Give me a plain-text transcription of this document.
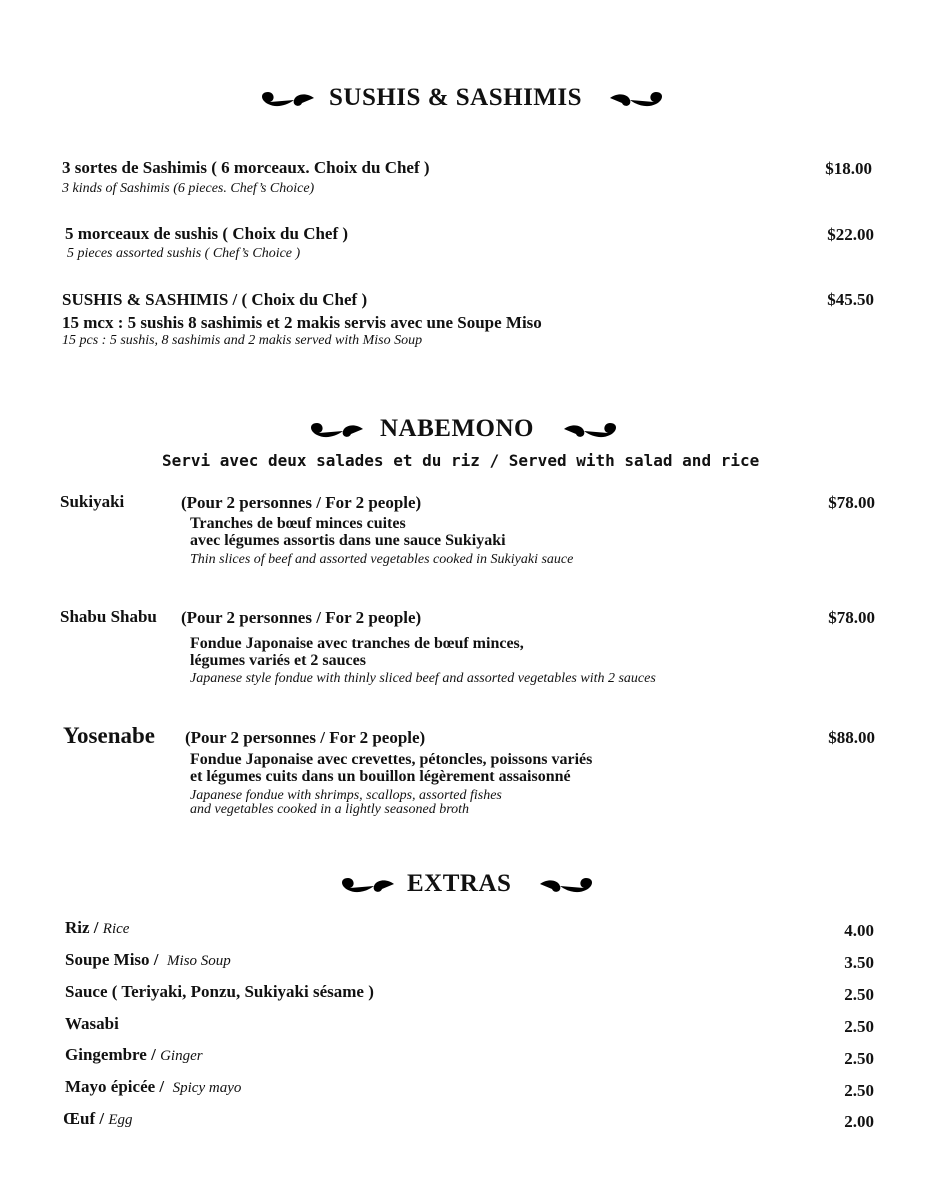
SUSHIS & SASHIMIS
3 sortes de Sashimis ( 6 morceaux. Choix du Chef )
3 kinds of Sashimis (6 pieces. Chef’s Choice)
$18.00
5 morceaux de sushis ( Choix du Chef )
5 pieces assorted sushis ( Chef’s Choice )
$22.00
SUSHIS & SASHIMIS / ( Choix du Chef )
15 mcx : 5 sushis 8 sashimis et 2 makis servis avec une Soupe Miso
15 pcs : 5 sushis, 8 sashimis and 2 makis served with Miso Soup
$45.50
NABEMONO
Servi avec deux salades et du riz / Served with salad and rice
Sukiyaki	(Pour 2 personnes / For 2 people)
Tranches de bœuf minces cuites
avec légumes assortis dans une sauce Sukiyaki
Thin slices of beef and assorted vegetables cooked in Sukiyaki sauce
$78.00
Shabu Shabu (Pour 2 personnes / For 2 people)
Fondue Japonaise avec tranches de bœuf minces,
légumes variés et 2 sauces
Japanese style fondue with thinly sliced beef and assorted vegetables with 2 sauces
$78.00
Yosenabe (Pour 2 personnes / For 2 people)
Fondue Japonaise avec crevettes, pétoncles, poissons variés
et légumes cuits dans un bouillon légèrement assaisonné
Japanese fondue with shrimps, scallops, assorted fishes
and vegetables cooked in a lightly seasoned broth
$88.00
EXTRAS
Riz / Rice	4.00
Soupe Miso / Miso Soup	3.50
Sauce ( Teriyaki, Ponzu, Sukiyaki sésame )	2.50
Wasabi	2.50
Gingembre / Ginger	2.50
Mayo épicée / Spicy mayo	2.50
Œuf / Egg	2.00
